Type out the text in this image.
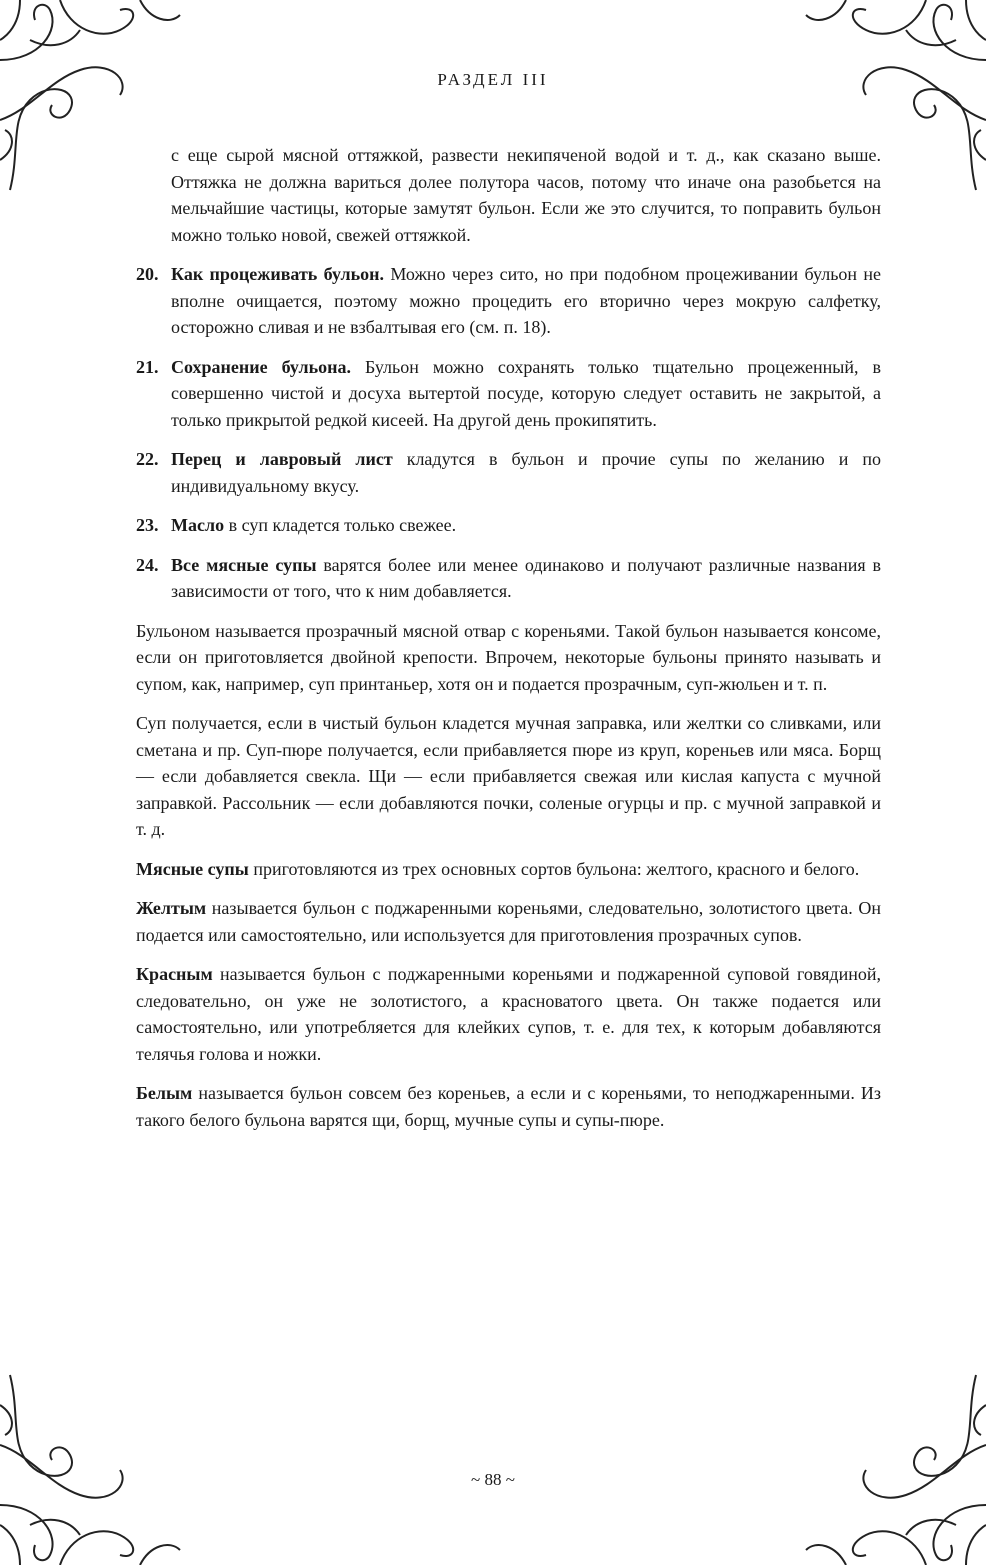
РАЗДЕЛ III

с еще сырой мясной оттяжкой, развести некипяченой водой и т. д., как сказано выше. Оттяжка не должна вариться долее полутора часов, потому что иначе она разобьется на мельчайшие частицы, которые замутят бульон. Если же это случится, то поправить бульон можно только новой, свежей оттяжкой.

20. Как процеживать бульон. Можно через сито, но при подобном процеживании бульон не вполне очищается, поэтому можно процедить его вторично через мокрую салфетку, осторожно сливая и не взбалтывая его (см. п. 18).
21. Сохранение бульона. Бульон можно сохранять только тщательно процеженный, в совершенно чистой и досуха вытертой посуде, которую следует оставить не закрытой, а только прикрытой редкой кисеей. На другой день прокипятить.
22. Перец и лавровый лист кладутся в бульон и прочие супы по желанию и по индивидуальному вкусу.
23. Масло в суп кладется только свежее.
24. Все мясные супы варятся более или менее одинаково и получают различные названия в зависимости от того, что к ним добавляется.

Бульоном называется прозрачный мясной отвар с кореньями. Такой бульон называется консоме, если он приготовляется двойной крепости. Впрочем, некоторые бульоны принято называть и супом, как, например, суп принтаньер, хотя он и подается прозрачным, суп-жюльен и т. п.

Суп получается, если в чистый бульон кладется мучная заправка, или желтки со сливками, или сметана и пр. Суп-пюре получается, если прибавляется пюре из круп, кореньев или мяса. Борщ — если добавляется свекла. Щи — если прибавляется свежая или кислая капуста с мучной заправкой. Рассольник — если добавляются почки, соленые огурцы и пр. с мучной заправкой и т. д.

Мясные супы приготовляются из трех основных сортов бульона: желтого, красного и белого.

Желтым называется бульон с поджаренными кореньями, следовательно, золотистого цвета. Он подается или самостоятельно, или используется для приготовления прозрачных супов.

Красным называется бульон с поджаренными кореньями и поджаренной суповой говядиной, следовательно, он уже не золотистого, а красноватого цвета. Он также подается или самостоятельно, или употребляется для клейких супов, т. е. для тех, к которым добавляются телячья голова и ножки.

Белым называется бульон совсем без кореньев, а если и с кореньями, то неподжаренными. Из такого белого бульона варятся щи, борщ, мучные супы и супы-пюре.

~ 88 ~
